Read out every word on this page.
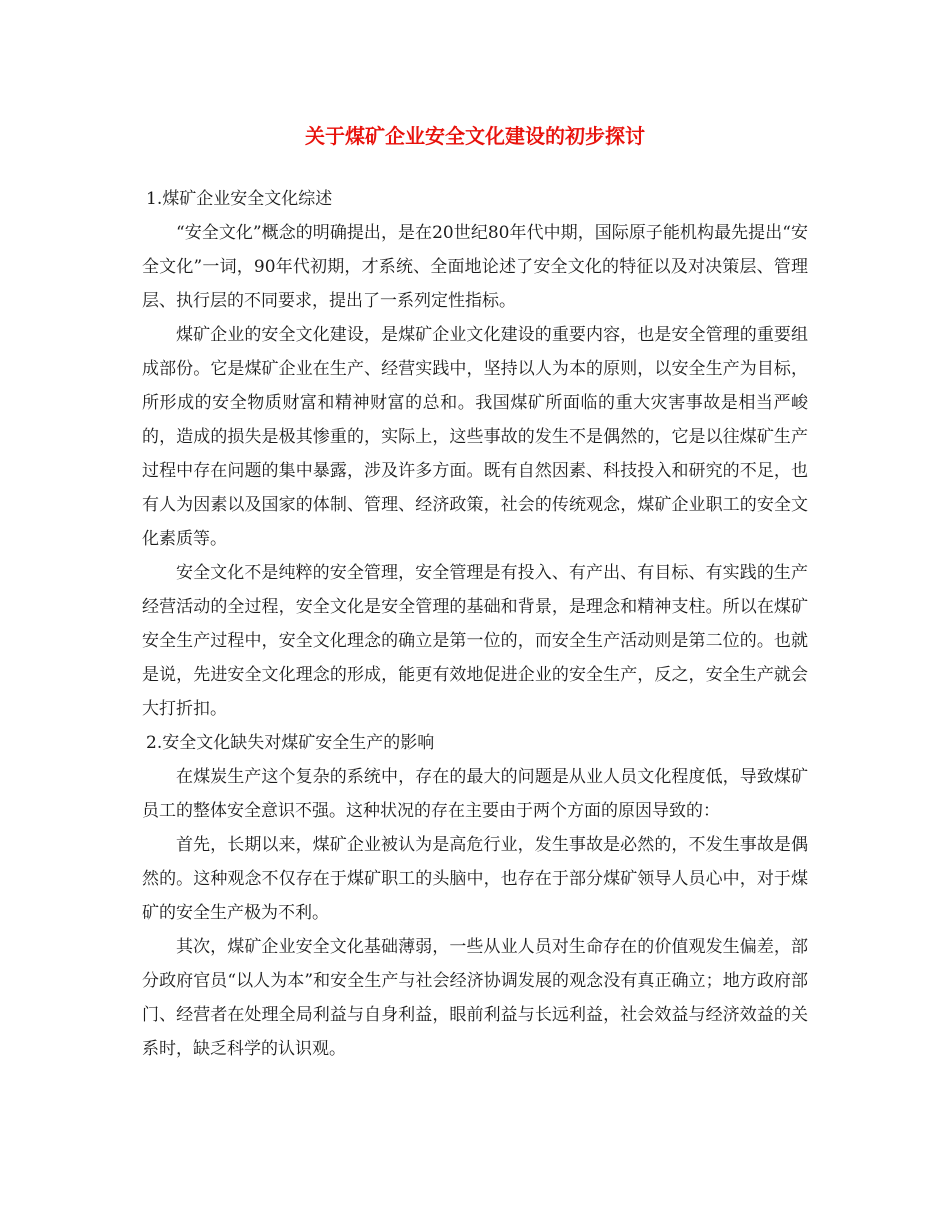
关于煤矿企业安全文化建设的初步探讨

1.煤矿企业安全文化综述

“安全文化”概念的明确提出，是在20世纪80年代中期，国际原子能机构最先提出“安全文化”一词，90年代初期，才系统、全面地论述了安全文化的特征以及对决策层、管理层、执行层的不同要求，提出了一系列定性指标。

煤矿企业的安全文化建设，是煤矿企业文化建设的重要内容，也是安全管理的重要组成部份。它是煤矿企业在生产、经营实践中，坚持以人为本的原则，以安全生产为目标，所形成的安全物质财富和精神财富的总和。我国煤矿所面临的重大灾害事故是相当严峻的，造成的损失是极其惨重的，实际上，这些事故的发生不是偶然的，它是以往煤矿生产过程中存在问题的集中暴露，涉及许多方面。既有自然因素、科技投入和研究的不足，也有人为因素以及国家的体制、管理、经济政策，社会的传统观念，煤矿企业职工的安全文化素质等。

安全文化不是纯粹的安全管理，安全管理是有投入、有产出、有目标、有实践的生产经营活动的全过程，安全文化是安全管理的基础和背景，是理念和精神支柱。所以在煤矿安全生产过程中，安全文化理念的确立是第一位的，而安全生产活动则是第二位的。也就是说，先进安全文化理念的形成，能更有效地促进企业的安全生产，反之，安全生产就会大打折扣。

2.安全文化缺失对煤矿安全生产的影响

在煤炭生产这个复杂的系统中，存在的最大的问题是从业人员文化程度低，导致煤矿员工的整体安全意识不强。这种状况的存在主要由于两个方面的原因导致的：

首先，长期以来，煤矿企业被认为是高危行业，发生事故是必然的，不发生事故是偶然的。这种观念不仅存在于煤矿职工的头脑中，也存在于部分煤矿领导人员心中，对于煤矿的安全生产极为不利。

其次，煤矿企业安全文化基础薄弱，一些从业人员对生命存在的价值观发生偏差，部分政府官员“以人为本”和安全生产与社会经济协调发展的观念没有真正确立；地方政府部门、经营者在处理全局利益与自身利益，眼前利益与长远利益，社会效益与经济效益的关系时，缺乏科学的认识观。
